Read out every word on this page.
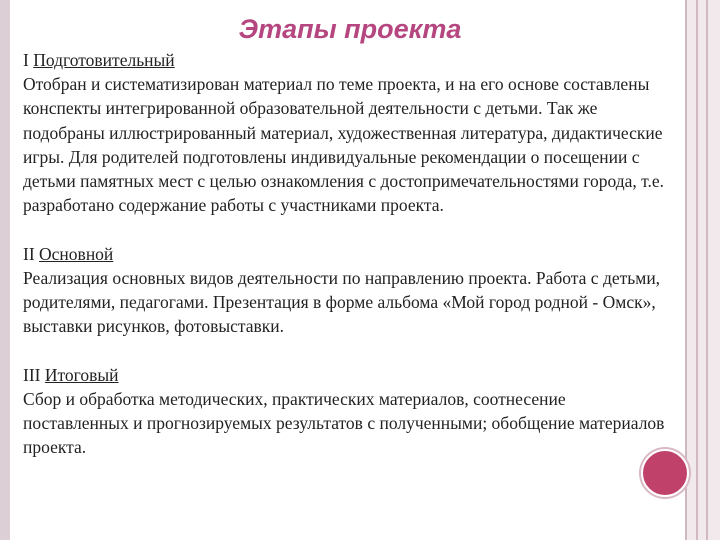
Этапы проекта
I Подготовительный
Отобран и систематизирован материал по теме проекта, и на его основе составлены конспекты интегрированной образовательной деятельности с детьми. Так же подобраны иллюстрированный материал, художественная литература, дидактические игры. Для родителей подготовлены индивидуальные рекомендации о посещении с детьми памятных мест с целью ознакомления с достопримечательностями города, т.е. разработано содержание работы с участниками проекта.
II Основной
Реализация основных видов деятельности по направлению проекта. Работа с детьми, родителями, педагогами. Презентация в форме альбома «Мой город родной - Омск», выставки рисунков, фотовыставки.
III Итоговый
Сбор и обработка методических, практических материалов, соотнесение поставленных и прогнозируемых результатов с полученными; обобщение материалов проекта.
